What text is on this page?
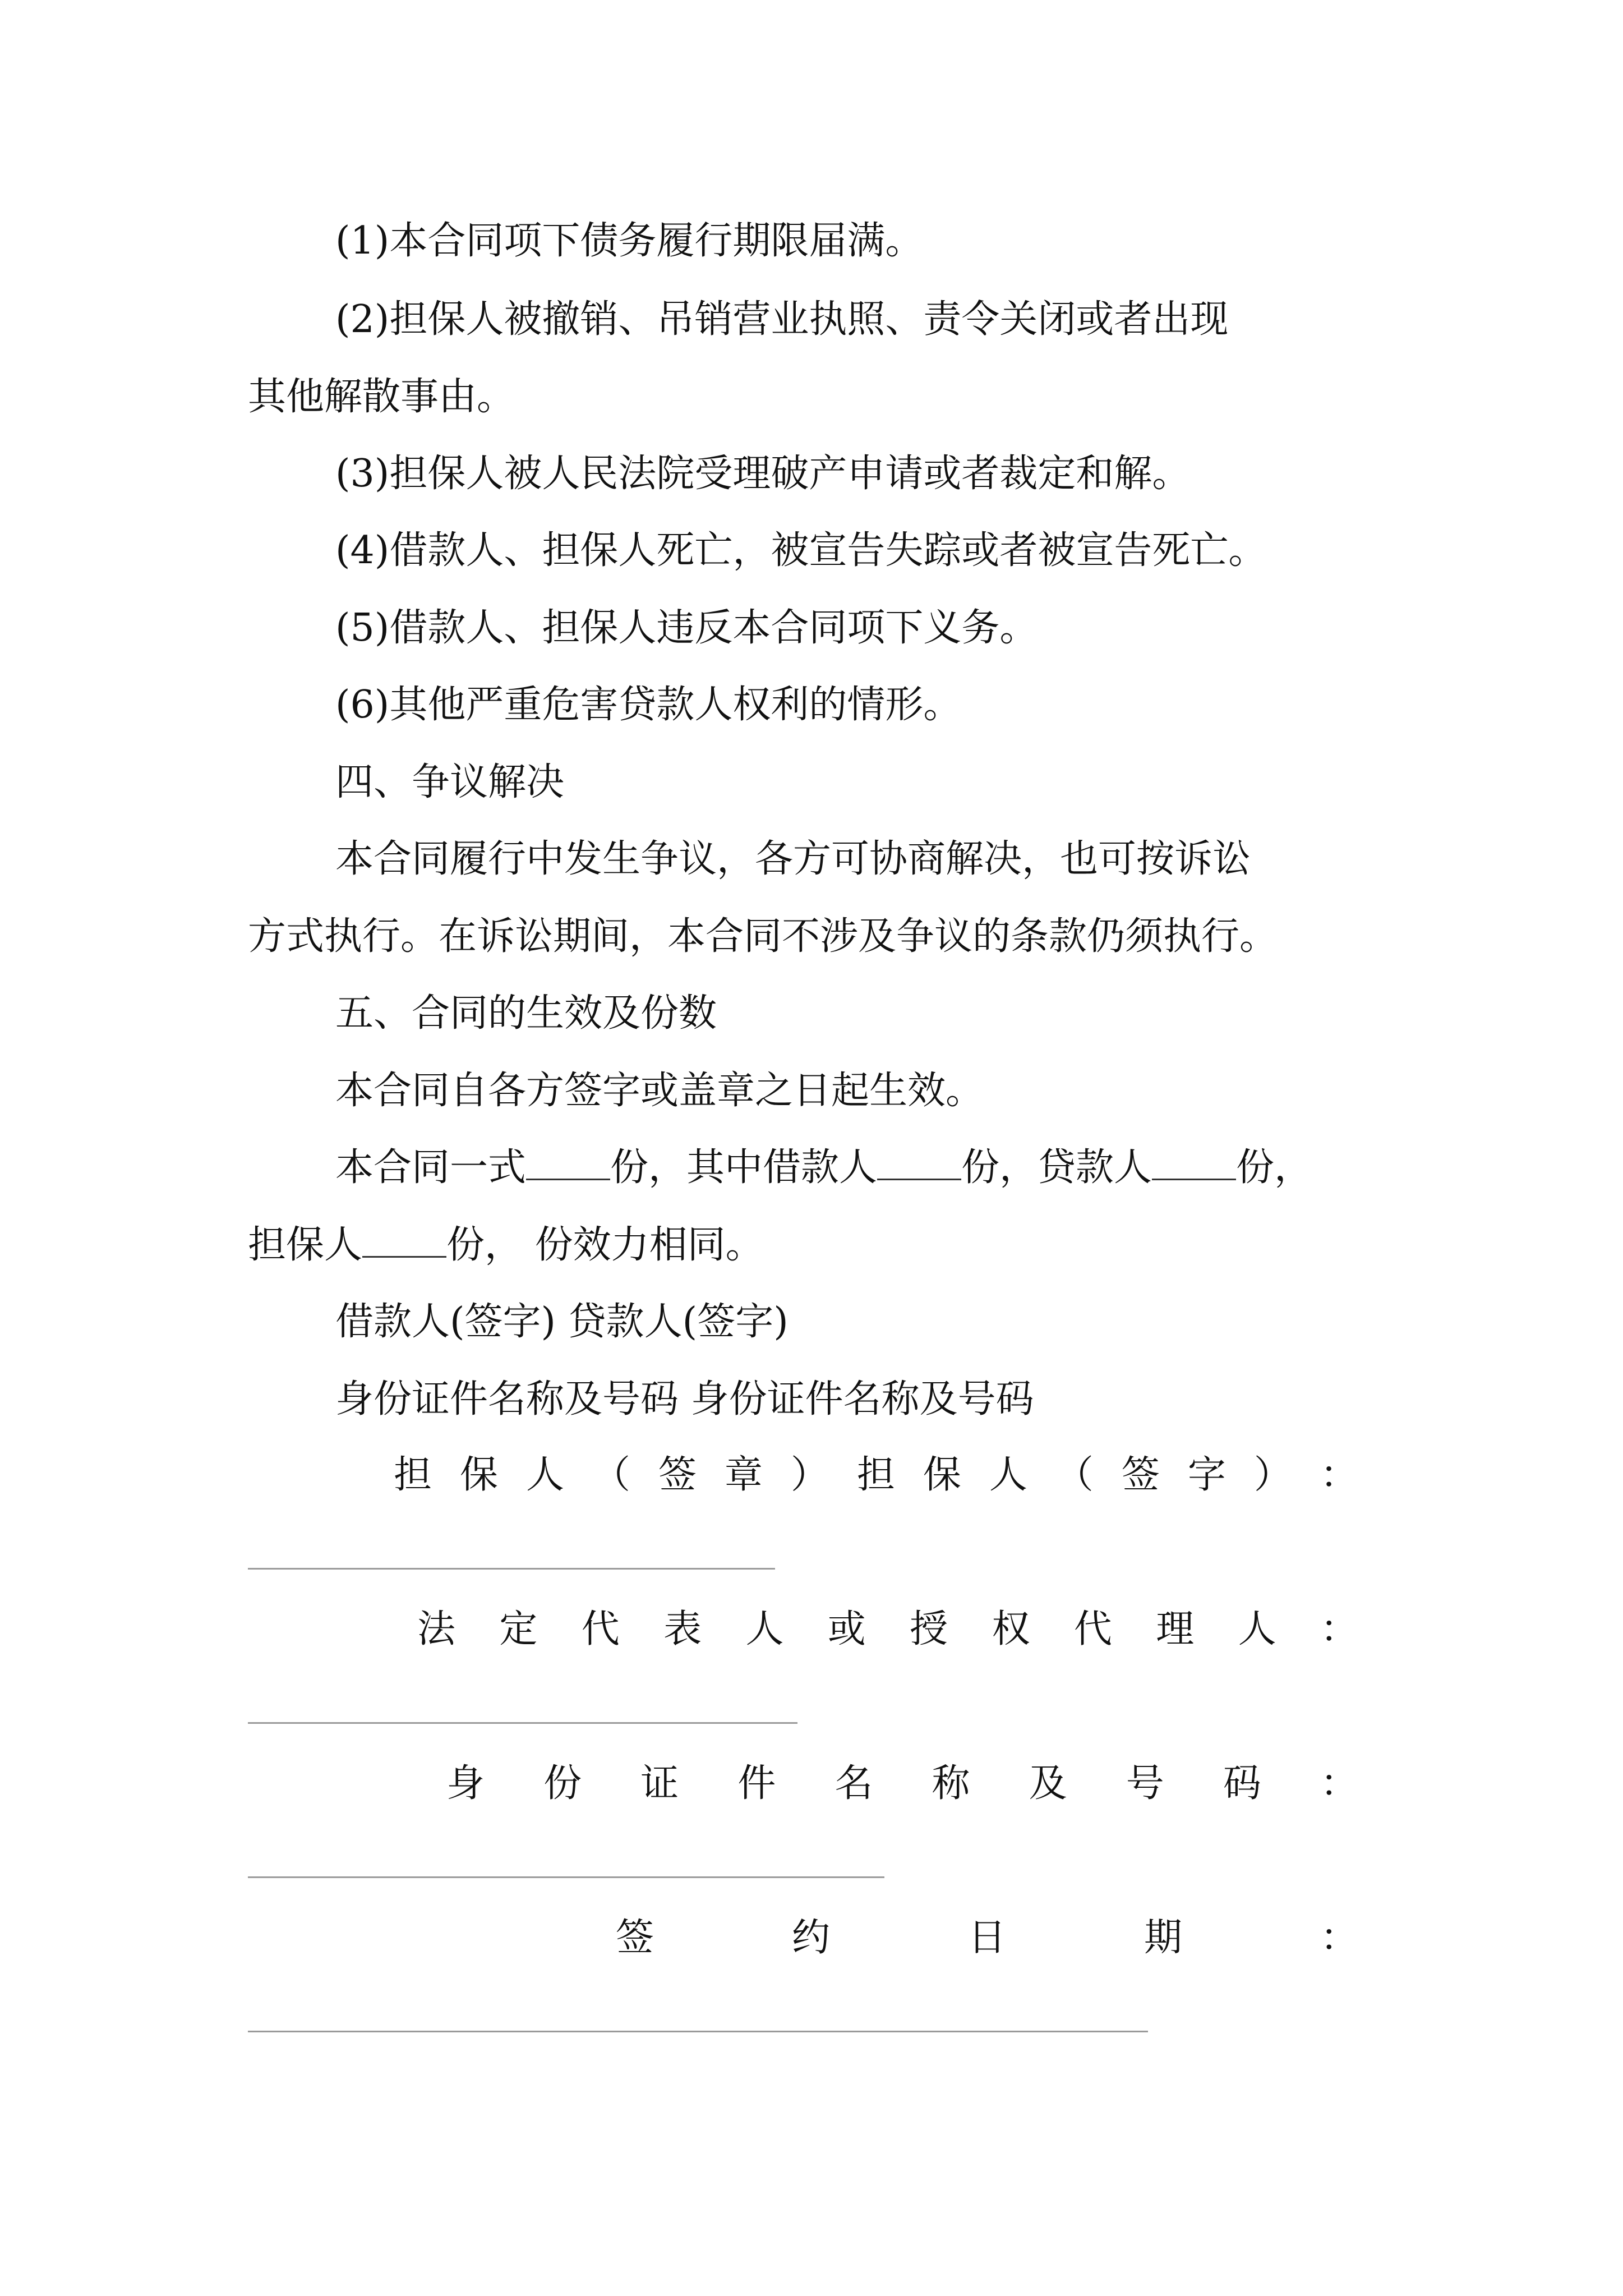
(1)本合同项下债务履行期限届满。
(2)担保人被撤销、吊销营业执照、责令关闭或者出现
其他解散事由。
(3)担保人被人民法院受理破产申请或者裁定和解。
(4)借款人、担保人死亡，被宣告失踪或者被宣告死亡。
(5)借款人、担保人违反本合同项下义务。
(6)其他严重危害贷款人权利的情形。
四、争议解决
本合同履行中发生争议，各方可协商解决，也可按诉讼
方式执行。在诉讼期间，本合同不涉及争议的条款仍须执行。
五、合同的生效及份数
本合同自各方签字或盖章之日起生效。
本合同一式 份，其中借款人 份，贷款人 份，
担保人 份， 份效力相同。
借款人(签字) 贷款人(签字)
身份证件名称及号码 身份证件名称及号码
担 保 人 （ 签 章 ） 担 保 人 （ 签 字 ） ：
法 定 代 表 人 或 授 权 代 理 人 ：
身 份 证 件 名 称 及 号 码 ：
签	约	日	期	：
